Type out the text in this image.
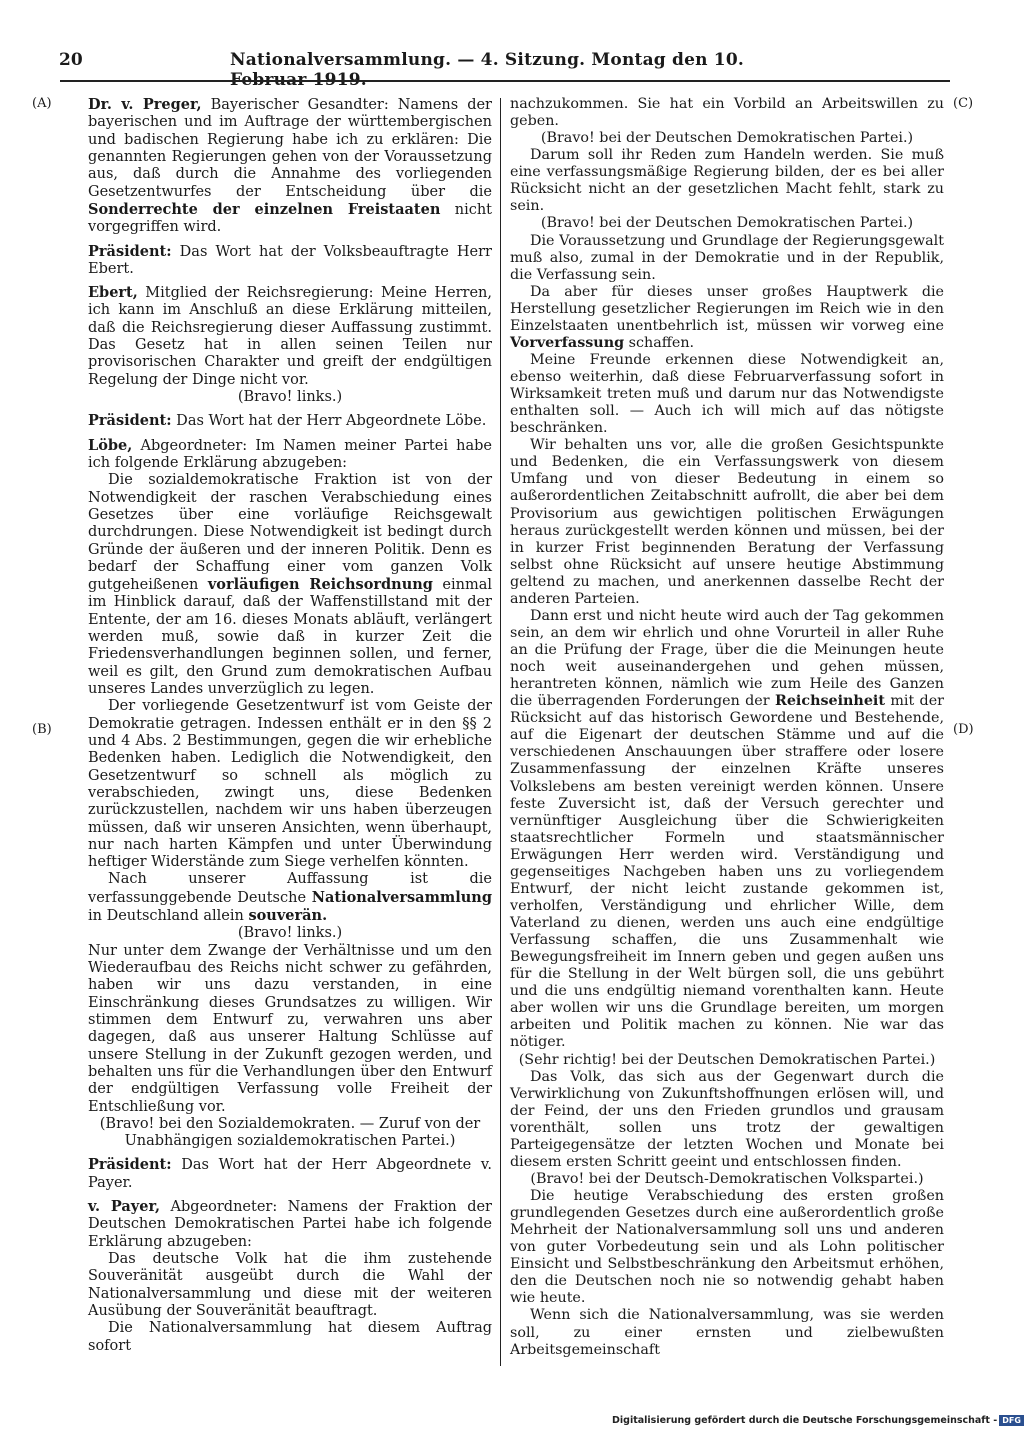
20	Nationalversammlung. — 4. Sitzung. Montag den 10. Februar 1919.
(A)	(C)
(B)	(D)

Dr. v. Preger, Bayerischer Gesandter: Namens der bayerischen und im Auftrage der württembergischen und badischen Regierung habe ich zu erklären: Die genannten Regierungen gehen von der Voraussetzung aus, daß durch die Annahme des vorliegenden Gesetzentwurfes der Entscheidung über die Sonderrechte der einzelnen Freistaaten nicht vorgegriffen wird.

Präsident: Das Wort hat der Volksbeauftragte Herr Ebert.

Ebert, Mitglied der Reichsregierung: Meine Herren, ich kann im Anschluß an diese Erklärung mitteilen, daß die Reichsregierung dieser Auffassung zustimmt. Das Gesetz hat in allen seinen Teilen nur provisorischen Charakter und greift der endgültigen Regelung der Dinge nicht vor.

(Bravo! links.)

Präsident: Das Wort hat der Herr Abgeordnete Löbe.

Löbe, Abgeordneter: Im Namen meiner Partei habe ich folgende Erklärung abzugeben:

Die sozialdemokratische Fraktion ist von der Notwendigkeit der raschen Verabschiedung eines Gesetzes über eine vorläufige Reichsgewalt durchdrungen. Diese Notwendigkeit ist bedingt durch Gründe der äußeren und der inneren Politik. Denn es bedarf der Schaffung einer vom ganzen Volk gutgeheißenen vorläufigen Reichsordnung einmal im Hinblick darauf, daß der Waffenstillstand mit der Entente, der am 16. dieses Monats abläuft, verlängert werden muß, sowie daß in kurzer Zeit die Friedensverhandlungen beginnen sollen, und ferner, weil es gilt, den Grund zum demokratischen Aufbau unseres Landes unverzüglich zu legen.

Der vorliegende Gesetzentwurf ist vom Geiste der Demokratie getragen. Indessen enthält er in den §§ 2 und 4 Abs. 2 Bestimmungen, gegen die wir erhebliche Bedenken haben. Lediglich die Notwendigkeit, den Gesetzentwurf so schnell als möglich zu verabschieden, zwingt uns, diese Bedenken zurückzustellen, nachdem wir uns haben überzeugen müssen, daß wir unseren Ansichten, wenn überhaupt, nur nach harten Kämpfen und unter Überwindung heftiger Widerstände zum Siege verhelfen könnten.

Nach unserer Auffassung ist die verfassunggebende Deutsche Nationalversammlung in Deutschland allein souverän.

(Bravo! links.)

Nur unter dem Zwange der Verhältnisse und um den Wiederaufbau des Reichs nicht schwer zu gefährden, haben wir uns dazu verstanden, in eine Einschränkung dieses Grundsatzes zu willigen. Wir stimmen dem Entwurf zu, verwahren uns aber dagegen, daß aus unserer Haltung Schlüsse auf unsere Stellung in der Zukunft gezogen werden, und behalten uns für die Verhandlungen über den Entwurf der endgültigen Verfassung volle Freiheit der Entschließung vor.

(Bravo! bei den Sozialdemokraten. — Zuruf von der Unabhängigen sozialdemokratischen Partei.)

Präsident: Das Wort hat der Herr Abgeordnete v. Payer.

v. Payer, Abgeordneter: Namens der Fraktion der Deutschen Demokratischen Partei habe ich folgende Erklärung abzugeben:

Das deutsche Volk hat die ihm zustehende Souveränität ausgeübt durch die Wahl der Nationalversammlung und diese mit der weiteren Ausübung der Souveränität beauftragt.

Die Nationalversammlung hat diesem Auftrag sofort

nachzukommen. Sie hat ein Vorbild an Arbeitswillen zu geben.

(Bravo! bei der Deutschen Demokratischen Partei.)

Darum soll ihr Reden zum Handeln werden. Sie muß eine verfassungsmäßige Regierung bilden, der es bei aller Rücksicht nicht an der gesetzlichen Macht fehlt, stark zu sein.

(Bravo! bei der Deutschen Demokratischen Partei.)

Die Voraussetzung und Grundlage der Regierungsgewalt muß also, zumal in der Demokratie und in der Republik, die Verfassung sein.

Da aber für dieses unser großes Hauptwerk die Herstellung gesetzlicher Regierungen im Reich wie in den Einzelstaaten unentbehrlich ist, müssen wir vorweg eine Vorverfassung schaffen.

Meine Freunde erkennen diese Notwendigkeit an, ebenso weiterhin, daß diese Februarverfassung sofort in Wirksamkeit treten muß und darum nur das Notwendigste enthalten soll. — Auch ich will mich auf das nötigste beschränken.

Wir behalten uns vor, alle die großen Gesichtspunkte und Bedenken, die ein Verfassungswerk von diesem Umfang und von dieser Bedeutung in einem so außerordentlichen Zeitabschnitt aufrollt, die aber bei dem Provisorium aus gewichtigen politischen Erwägungen heraus zurückgestellt werden können und müssen, bei der in kurzer Frist beginnenden Beratung der Verfassung selbst ohne Rücksicht auf unsere heutige Abstimmung geltend zu machen, und anerkennen dasselbe Recht der anderen Parteien.

Dann erst und nicht heute wird auch der Tag gekommen sein, an dem wir ehrlich und ohne Vorurteil in aller Ruhe an die Prüfung der Frage, über die die Meinungen heute noch weit auseinandergehen und gehen müssen, herantreten können, nämlich wie zum Heile des Ganzen die überragenden Forderungen der Reichseinheit mit der Rücksicht auf das historisch Gewordene und Bestehende, auf die Eigenart der deutschen Stämme und auf die verschiedenen Anschauungen über straffere oder losere Zusammenfassung der einzelnen Kräfte unseres Volkslebens am besten vereinigt werden können. Unsere feste Zuversicht ist, daß der Versuch gerechter und vernünftiger Ausgleichung über die Schwierigkeiten staatsrechtlicher Formeln und staatsmännischer Erwägungen Herr werden wird. Verständigung und gegenseitiges Nachgeben haben uns zu vorliegendem Entwurf, der nicht leicht zustande gekommen ist, verholfen, Verständigung und ehrlicher Wille, dem Vaterland zu dienen, werden uns auch eine endgültige Verfassung schaffen, die uns Zusammenhalt wie Bewegungsfreiheit im Innern geben und gegen außen uns für die Stellung in der Welt bürgen soll, die uns gebührt und die uns endgültig niemand vorenthalten kann. Heute aber wollen wir uns die Grundlage bereiten, um morgen arbeiten und Politik machen zu können. Nie war das nötiger.

(Sehr richtig! bei der Deutschen Demokratischen Partei.)

Das Volk, das sich aus der Gegenwart durch die Verwirklichung von Zukunftshoffnungen erlösen will, und der Feind, der uns den Frieden grundlos und grausam vorenthält, sollen uns trotz der gewaltigen Parteigegensätze der letzten Wochen und Monate bei diesem ersten Schritt geeint und entschlossen finden.

(Bravo! bei der Deutsch-Demokratischen Volkspartei.)

Die heutige Verabschiedung des ersten großen grundlegenden Gesetzes durch eine außerordentlich große Mehrheit der Nationalversammlung soll uns und anderen von guter Vorbedeutung sein und als Lohn politischer Einsicht und Selbstbeschränkung den Arbeitsmut erhöhen, den die Deutschen noch nie so notwendig gehabt haben wie heute.

Wenn sich die Nationalversammlung, was sie werden soll, zu einer ernsten und zielbewußten Arbeitsgemeinschaft

Digitalisierung gefördert durch die Deutsche Forschungsgemeinschaft - DFG
